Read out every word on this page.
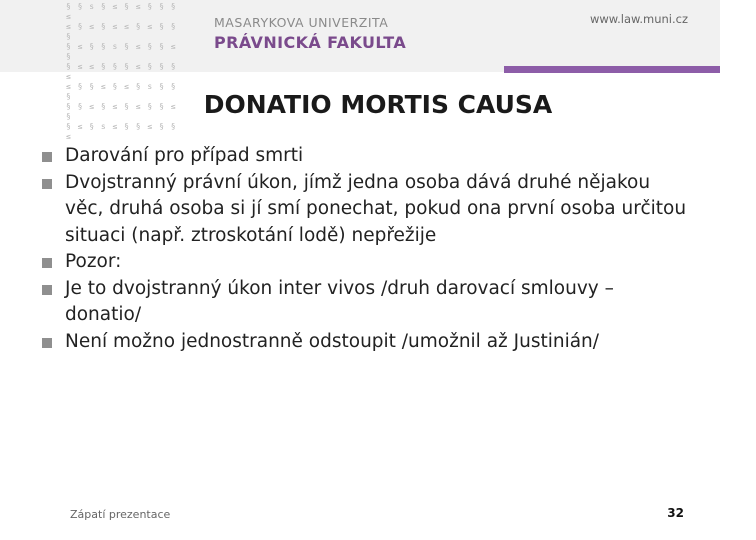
§ § s § ≤ § ≤ § § § ≤
≤ § ≤ § ≤ ≤ § ≤ § § §
§ ≤ § § s § ≤ § § ≤ §
§ ≤ ≤ § § § ≤ § § § ≤
≤ § § ≤ § ≤ § s § § §
§ § ≤ § ≤ § ≤ § § ≤ §
§ ≤ § s ≤ § § ≤ § § ≤
MASARYKOVA UNIVERZITA
PRÁVNICKÁ FAKULTA
www.law.muni.cz
DONATIO MORTIS CAUSA
Darování pro případ smrti
Dvojstranný právní úkon, jímž jedna osoba dává druhé nějakou věc, druhá osoba si jí smí ponechat, pokud ona první osoba určitou situaci (např. ztroskotání lodě) nepřežije
Pozor:
Je to dvojstranný úkon inter vivos /druh darovací smlouvy – donatio/
Není možno jednostranně odstoupit /umožnil až Justinián/
Zápatí prezentace	32
